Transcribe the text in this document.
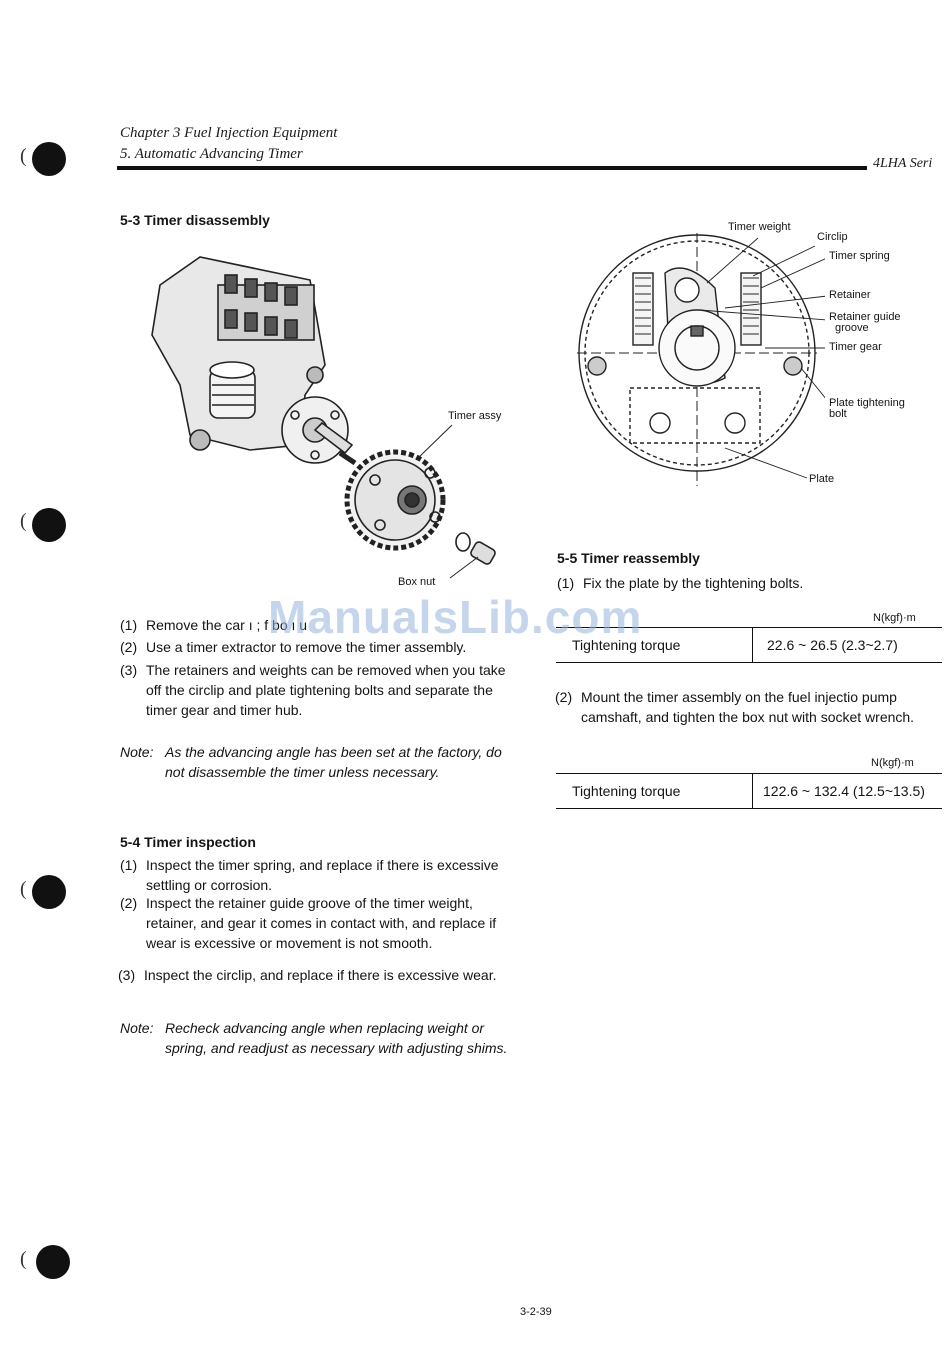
(
(
(
(
Chapter 3 Fuel Injection Equipment
5. Automatic Advancing Timer
4LHA Seri
5-3 Timer disassembly
Timer assy
Box nut
(1) Remove the car ı ; f bo ı u
(2) Use a timer extractor to remove the timer assembly.
(3) The retainers and weights can be removed when you take off the circlip and plate tightening bolts and separate the timer gear and timer hub.
Note: As the advancing angle has been set at the factory, do not disassemble the timer unless necessary.
5-4 Timer inspection
(1) Inspect the timer spring, and replace if there is excessive settling or corrosion.
(2) Inspect the retainer guide groove of the timer weight, retainer, and gear it comes in contact with, and replace if wear is excessive or movement is not smooth.
(3) Inspect the circlip, and replace if there is excessive wear.
Note: Recheck advancing angle when replacing weight or spring, and readjust as necessary with adjusting shims.
Timer weight
Circlip
Timer spring
Retainer
Retainer guide
groove
Timer gear
Plate tightening
bolt
Plate
5-5 Timer reassembly
(1) Fix the plate by the tightening bolts.
N(kgf)·m
Tightening torque	22.6 ~ 26.5 (2.3~2.7)
(2) Mount the timer assembly on the fuel injectio pump camshaft, and tighten the box nut with socket wrench.
N(kgf)·m
Tightening torque	122.6 ~ 132.4 (12.5~13.5)
ManualsLib.com
3-2-39
